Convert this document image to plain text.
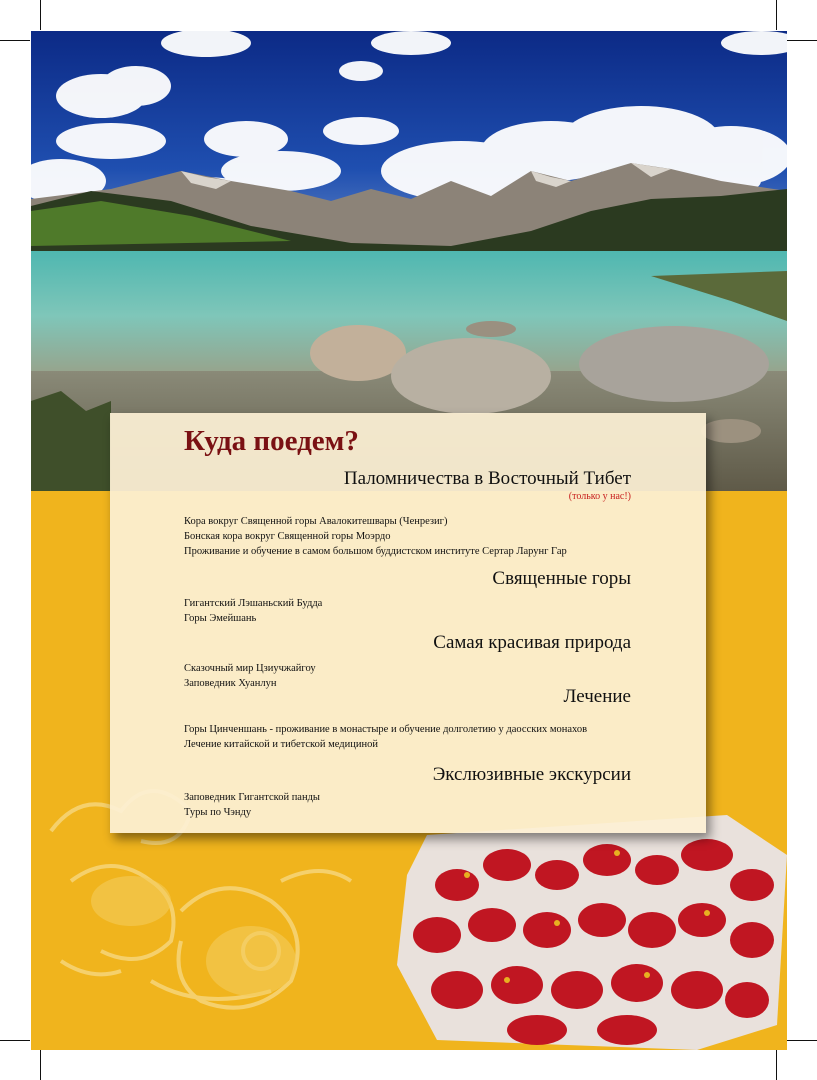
Куда поедем?
Паломничества в Восточный Тибет
(только у нас!)
Кора вокруг Священной горы Авалокитешвары (Ченрезиг)
Бонская кора вокруг Священной горы Моэрдо
Проживание и обучение в самом большом буддистском институте Сертар Ларунг Гар
Священные горы
Гигантский Лэшаньский Будда
Горы Эмейшань
Самая красивая природа
Сказочный мир Цзиучжайгоу
Заповедник Хуанлун
Лечение
Горы Цинченшань - проживание в монастыре и обучение долголетию у даосских монахов
Лечение китайской и тибетской медициной
Экслюзивные экскурсии
Заповедник Гигантской панды
Туры по Чэнду
